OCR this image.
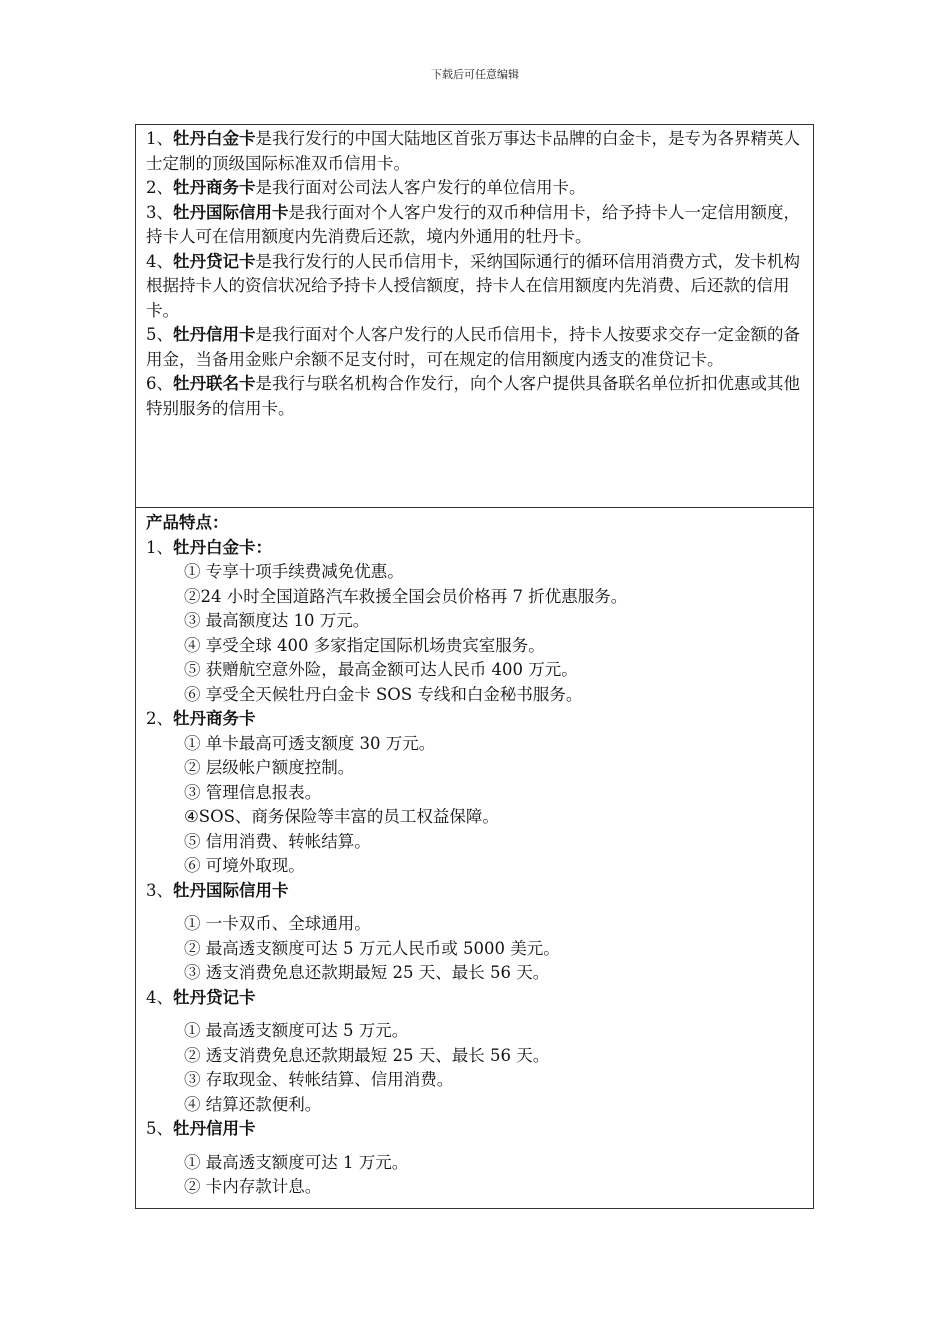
下载后可任意编辑

1、牡丹白金卡是我行发行的中国大陆地区首张万事达卡品牌的白金卡，是专为各界精英人士定制的顶级国际标准双币信用卡。

2、牡丹商务卡是我行面对公司法人客户发行的单位信用卡。

3、牡丹国际信用卡是我行面对个人客户发行的双币种信用卡，给予持卡人一定信用额度，持卡人可在信用额度内先消费后还款，境内外通用的牡丹卡。

4、牡丹贷记卡是我行发行的人民币信用卡，采纳国际通行的循环信用消费方式，发卡机构根据持卡人的资信状况给予持卡人授信额度，持卡人在信用额度内先消费、后还款的信用卡。

5、牡丹信用卡是我行面对个人客户发行的人民币信用卡，持卡人按要求交存一定金额的备用金，当备用金账户余额不足支付时，可在规定的信用额度内透支的准贷记卡。

6、牡丹联名卡是我行与联名机构合作发行，向个人客户提供具备联名单位折扣优惠或其他特别服务的信用卡。

产品特点：
1、牡丹白金卡：
① 专享十项手续费减免优惠。
②24 小时全国道路汽车救援全国会员价格再 7 折优惠服务。
③ 最高额度达 10 万元。
④ 享受全球 400 多家指定国际机场贵宾室服务。
⑤ 获赠航空意外险，最高金额可达人民币 400 万元。
⑥ 享受全天候牡丹白金卡 SOS 专线和白金秘书服务。
2、牡丹商务卡
① 单卡最高可透支额度 30 万元。
② 层级帐户额度控制。
③ 管理信息报表。
④SOS、商务保险等丰富的员工权益保障。
⑤ 信用消费、转帐结算。
⑥ 可境外取现。
3、牡丹国际信用卡
① 一卡双币、全球通用。
② 最高透支额度可达 5 万元人民币或 5000 美元。
③ 透支消费免息还款期最短 25 天、最长 56 天。
4、牡丹贷记卡
① 最高透支额度可达 5 万元。
② 透支消费免息还款期最短 25 天、最长 56 天。
③ 存取现金、转帐结算、信用消费。
④ 结算还款便利。
5、牡丹信用卡
① 最高透支额度可达 1 万元。
② 卡内存款计息。
